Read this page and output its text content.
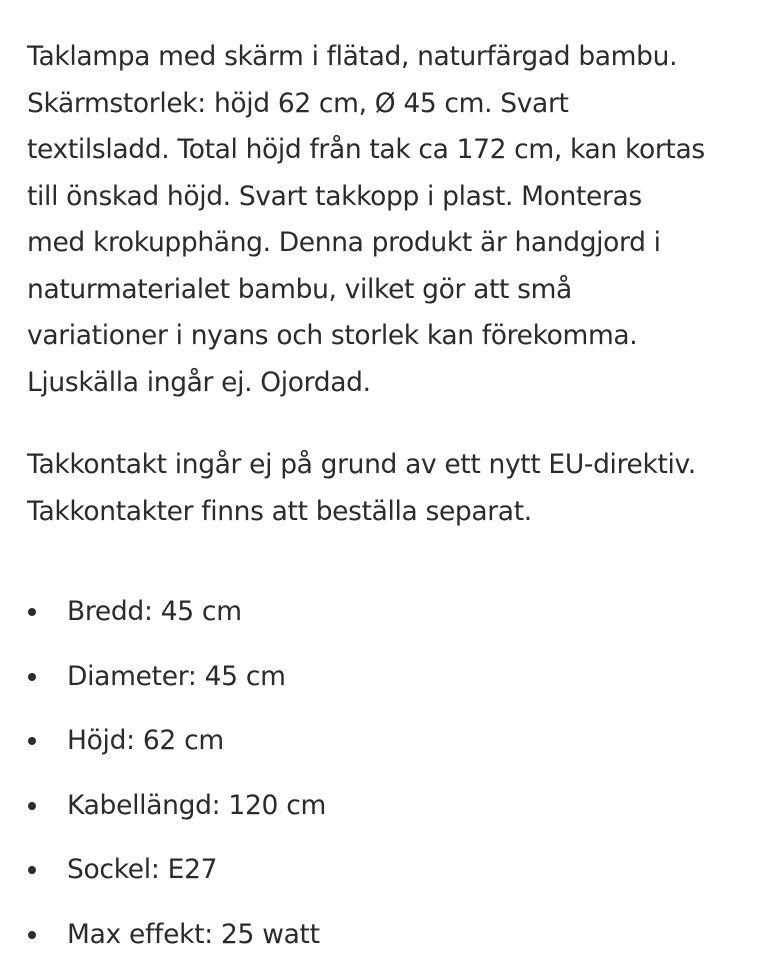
Taklampa med skärm i flätad, naturfärgad bambu.
Skärmstorlek: höjd 62 cm, Ø 45 cm. Svart
textilsladd. Total höjd från tak ca 172 cm, kan kortas
till önskad höjd. Svart takkopp i plast. Monteras
med krokupphäng. Denna produkt är handgjord i
naturmaterialet bambu, vilket gör att små
variationer i nyans och storlek kan förekomma.
Ljuskälla ingår ej. Ojordad.

Takkontakt ingår ej på grund av ett nytt EU-direktiv.
Takkontakter finns att beställa separat.

Bredd: 45 cm
Diameter: 45 cm
Höjd: 62 cm
Kabellängd: 120 cm
Sockel: E27
Max effekt: 25 watt
